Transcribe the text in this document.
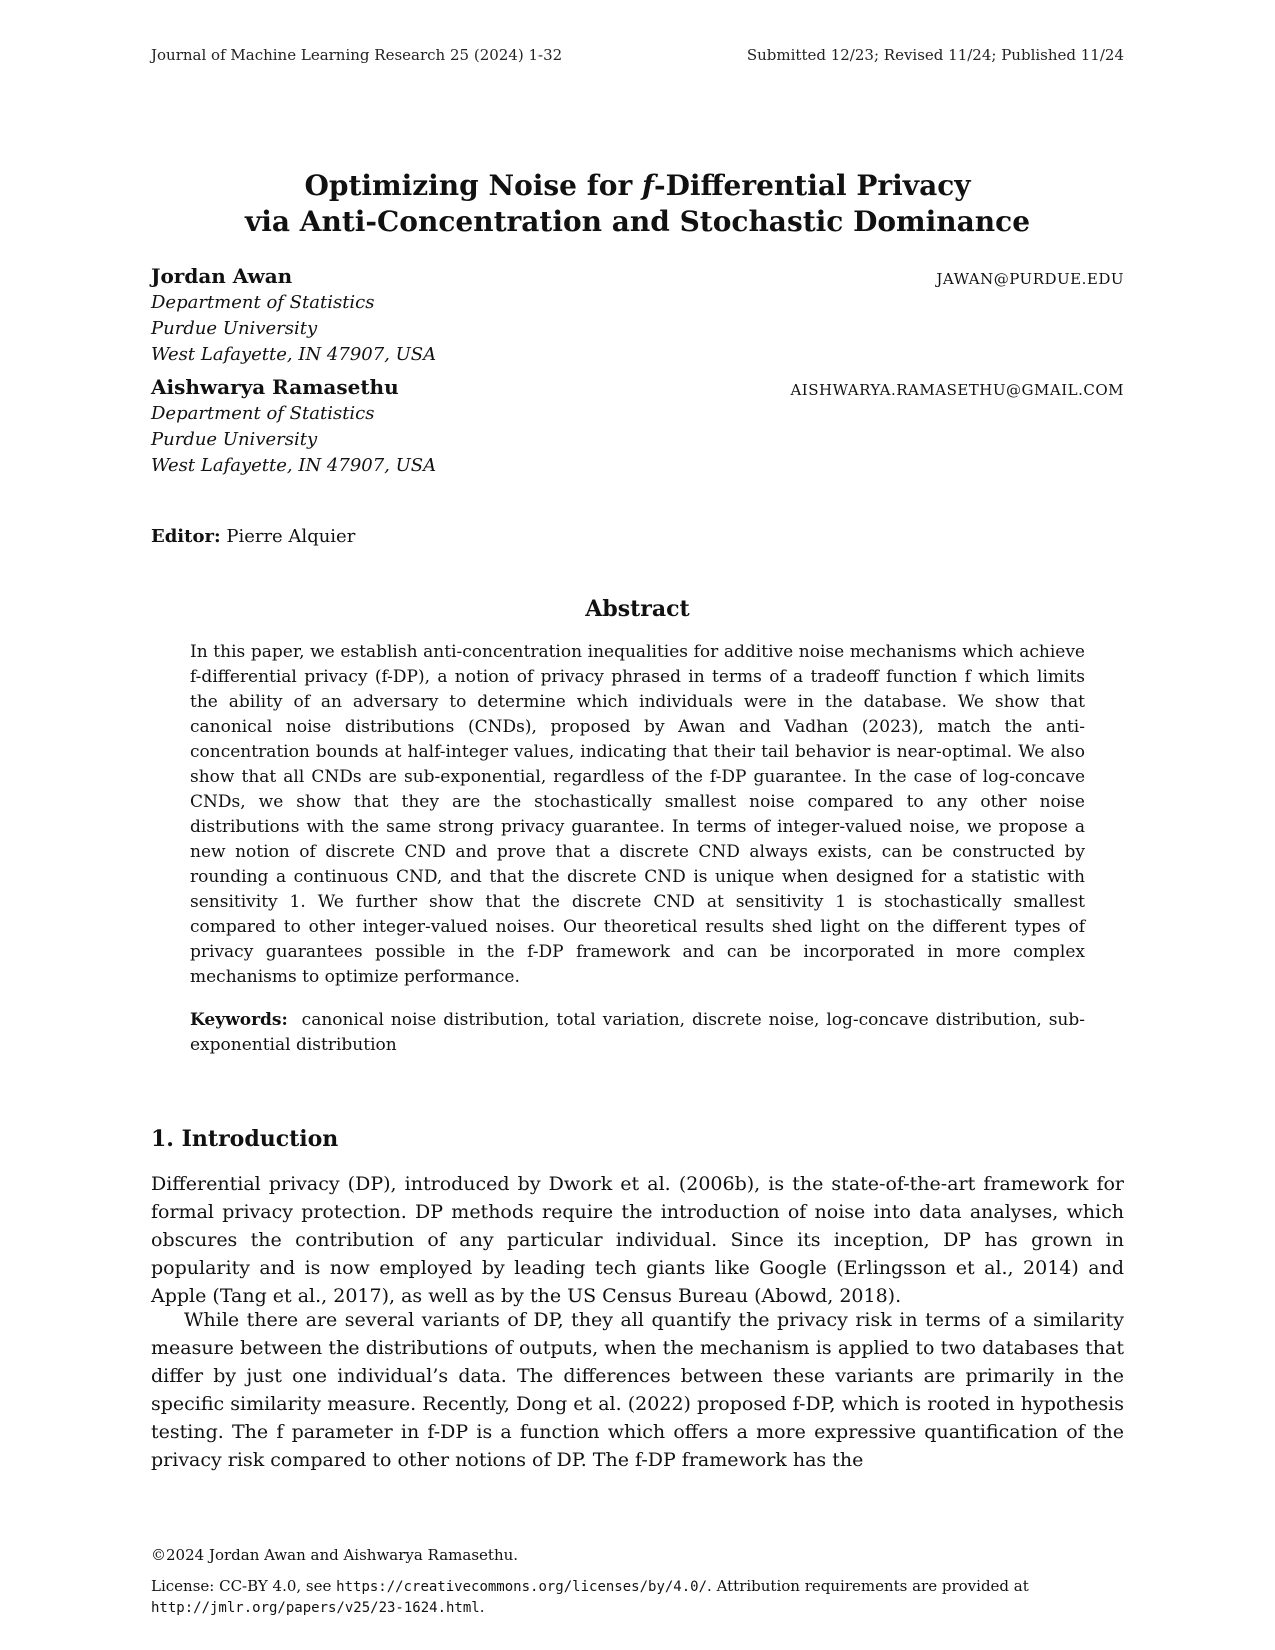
Journal of Machine Learning Research 25 (2024) 1-32	Submitted 12/23; Revised 11/24; Published 11/24
Optimizing Noise for f-Differential Privacy
via Anti-Concentration and Stochastic Dominance
Jordan Awan	JAWAN@PURDUE.EDU
Department of Statistics
Purdue University
West Lafayette, IN 47907, USA
Aishwarya Ramasethu	AISHWARYA.RAMASETHU@GMAIL.COM
Department of Statistics
Purdue University
West Lafayette, IN 47907, USA
Editor: Pierre Alquier
Abstract
In this paper, we establish anti-concentration inequalities for additive noise mechanisms which achieve f-differential privacy (f-DP), a notion of privacy phrased in terms of a tradeoff function f which limits the ability of an adversary to determine which individuals were in the database. We show that canonical noise distributions (CNDs), proposed by Awan and Vadhan (2023), match the anti-concentration bounds at half-integer values, indicating that their tail behavior is near-optimal. We also show that all CNDs are sub-exponential, regardless of the f-DP guarantee. In the case of log-concave CNDs, we show that they are the stochastically smallest noise compared to any other noise distributions with the same strong privacy guarantee. In terms of integer-valued noise, we propose a new notion of discrete CND and prove that a discrete CND always exists, can be constructed by rounding a continuous CND, and that the discrete CND is unique when designed for a statistic with sensitivity 1. We further show that the discrete CND at sensitivity 1 is stochastically smallest compared to other integer-valued noises. Our theoretical results shed light on the different types of privacy guarantees possible in the f-DP framework and can be incorporated in more complex mechanisms to optimize performance.
Keywords: canonical noise distribution, total variation, discrete noise, log-concave distribution, sub-exponential distribution
1. Introduction
Differential privacy (DP), introduced by Dwork et al. (2006b), is the state-of-the-art framework for formal privacy protection. DP methods require the introduction of noise into data analyses, which obscures the contribution of any particular individual. Since its inception, DP has grown in popularity and is now employed by leading tech giants like Google (Erlingsson et al., 2014) and Apple (Tang et al., 2017), as well as by the US Census Bureau (Abowd, 2018).
While there are several variants of DP, they all quantify the privacy risk in terms of a similarity measure between the distributions of outputs, when the mechanism is applied to two databases that differ by just one individual’s data. The differences between these variants are primarily in the specific similarity measure. Recently, Dong et al. (2022) proposed f-DP, which is rooted in hypothesis testing. The f parameter in f-DP is a function which offers a more expressive quantification of the privacy risk compared to other notions of DP. The f-DP framework has the
©2024 Jordan Awan and Aishwarya Ramasethu.
License: CC-BY 4.0, see https://creativecommons.org/licenses/by/4.0/. Attribution requirements are provided at
http://jmlr.org/papers/v25/23-1624.html.
